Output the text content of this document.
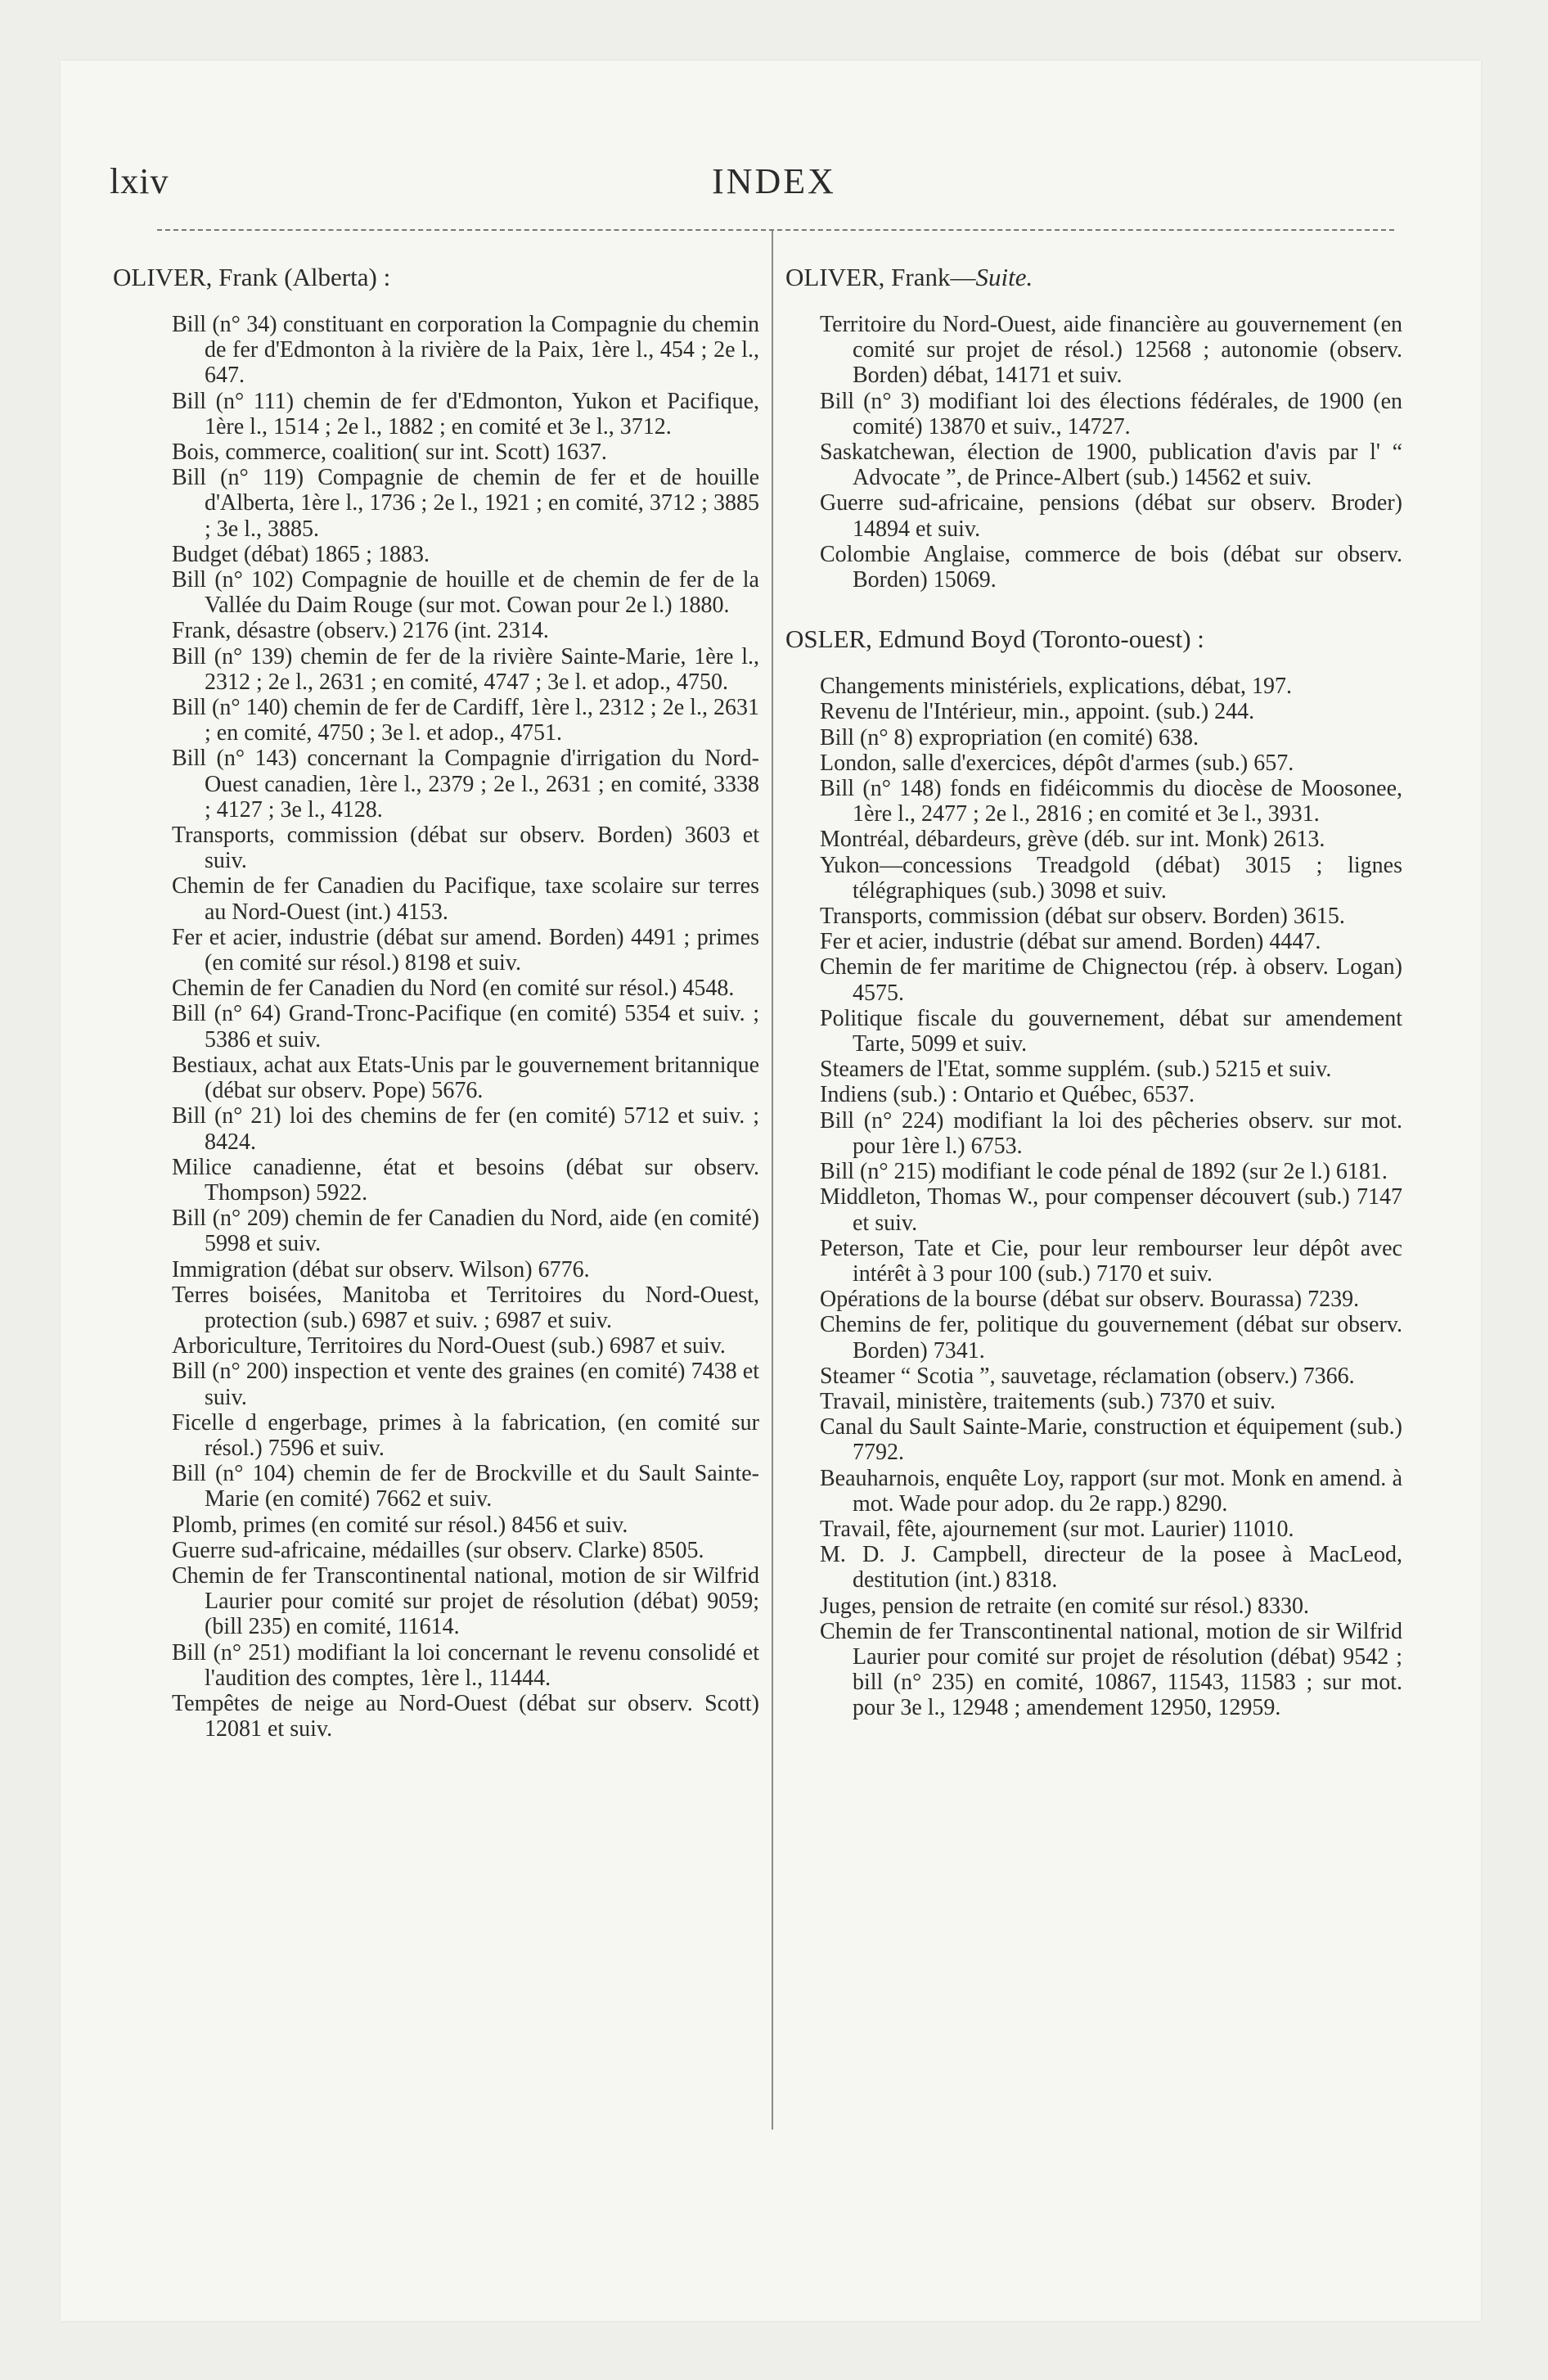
lxiv	INDEX

OLIVER, Frank (Alberta) :

Bill (n° 34) constituant en corporation la Compagnie du chemin de fer d'Edmonton à la rivière de la Paix, 1ère l., 454 ; 2e l., 647.

Bill (n° 111) chemin de fer d'Edmonton, Yukon et Pacifique, 1ère l., 1514 ; 2e l., 1882 ; en comité et 3e l., 3712.

Bois, commerce, coalition( sur int. Scott) 1637.

Bill (n° 119) Compagnie de chemin de fer et de houille d'Alberta, 1ère l., 1736 ; 2e l., 1921 ; en comité, 3712 ; 3885 ; 3e l., 3885.

Budget (débat) 1865 ; 1883.

Bill (n° 102) Compagnie de houille et de chemin de fer de la Vallée du Daim Rouge (sur mot. Cowan pour 2e l.) 1880.

Frank, désastre (observ.) 2176 (int. 2314.

Bill (n° 139) chemin de fer de la rivière Sainte-Marie, 1ère l., 2312 ; 2e l., 2631 ; en comité, 4747 ; 3e l. et adop., 4750.

Bill (n° 140) chemin de fer de Cardiff, 1ère l., 2312 ; 2e l., 2631 ; en comité, 4750 ; 3e l. et adop., 4751.

Bill (n° 143) concernant la Compagnie d'irrigation du Nord-Ouest canadien, 1ère l., 2379 ; 2e l., 2631 ; en comité, 3338 ; 4127 ; 3e l., 4128.

Transports, commission (débat sur observ. Borden) 3603 et suiv.

Chemin de fer Canadien du Pacifique, taxe scolaire sur terres au Nord-Ouest (int.) 4153.

Fer et acier, industrie (débat sur amend. Borden) 4491 ; primes (en comité sur résol.) 8198 et suiv.

Chemin de fer Canadien du Nord (en comité sur résol.) 4548.

Bill (n° 64) Grand-Tronc-Pacifique (en comité) 5354 et suiv. ; 5386 et suiv.

Bestiaux, achat aux Etats-Unis par le gouvernement britannique (débat sur observ. Pope) 5676.

Bill (n° 21) loi des chemins de fer (en comité) 5712 et suiv. ; 8424.

Milice canadienne, état et besoins (débat sur observ. Thompson) 5922.

Bill (n° 209) chemin de fer Canadien du Nord, aide (en comité) 5998 et suiv.

Immigration (débat sur observ. Wilson) 6776.

Terres boisées, Manitoba et Territoires du Nord-Ouest, protection (sub.) 6987 et suiv. ; 6987 et suiv.

Arboriculture, Territoires du Nord-Ouest (sub.) 6987 et suiv.

Bill (n° 200) inspection et vente des graines (en comité) 7438 et suiv.

Ficelle d engerbage, primes à la fabrication, (en comité sur résol.) 7596 et suiv.

Bill (n° 104) chemin de fer de Brockville et du Sault Sainte-Marie (en comité) 7662 et suiv.

Plomb, primes (en comité sur résol.) 8456 et suiv.

Guerre sud-africaine, médailles (sur observ. Clarke) 8505.

Chemin de fer Transcontinental national, motion de sir Wilfrid Laurier pour comité sur projet de résolution (débat) 9059; (bill 235) en comité, 11614.

Bill (n° 251) modifiant la loi concernant le revenu consolidé et l'audition des comptes, 1ère l., 11444.

Tempêtes de neige au Nord-Ouest (débat sur observ. Scott) 12081 et suiv.

OLIVER, Frank—Suite.

Territoire du Nord-Ouest, aide financière au gouvernement (en comité sur projet de résol.) 12568 ; autonomie (observ. Borden) débat, 14171 et suiv.

Bill (n° 3) modifiant loi des élections fédérales, de 1900 (en comité) 13870 et suiv., 14727.

Saskatchewan, élection de 1900, publication d'avis par l' “ Advocate ”, de Prince-Albert (sub.) 14562 et suiv.

Guerre sud-africaine, pensions (débat sur observ. Broder) 14894 et suiv.

Colombie Anglaise, commerce de bois (débat sur observ. Borden) 15069.

OSLER, Edmund Boyd (Toronto-ouest) :

Changements ministériels, explications, débat, 197.

Revenu de l'Intérieur, min., appoint. (sub.) 244.

Bill (n° 8) expropriation (en comité) 638.

London, salle d'exercices, dépôt d'armes (sub.) 657.

Bill (n° 148) fonds en fidéicommis du diocèse de Moosonee, 1ère l., 2477 ; 2e l., 2816 ; en comité et 3e l., 3931.

Montréal, débardeurs, grève (déb. sur int. Monk) 2613.

Yukon—concessions Treadgold (débat) 3015 ; lignes télégraphiques (sub.) 3098 et suiv.

Transports, commission (débat sur observ. Borden) 3615.

Fer et acier, industrie (débat sur amend. Borden) 4447.

Chemin de fer maritime de Chignectou (rép. à observ. Logan) 4575.

Politique fiscale du gouvernement, débat sur amendement Tarte, 5099 et suiv.

Steamers de l'Etat, somme supplém. (sub.) 5215 et suiv.

Indiens (sub.) : Ontario et Québec, 6537.

Bill (n° 224) modifiant la loi des pêcheries observ. sur mot. pour 1ère l.) 6753.

Bill (n° 215) modifiant le code pénal de 1892 (sur 2e l.) 6181.

Middleton, Thomas W., pour compenser découvert (sub.) 7147 et suiv.

Peterson, Tate et Cie, pour leur rembourser leur dépôt avec intérêt à 3 pour 100 (sub.) 7170 et suiv.

Opérations de la bourse (débat sur observ. Bourassa) 7239.

Chemins de fer, politique du gouvernement (débat sur observ. Borden) 7341.

Steamer “ Scotia ”, sauvetage, réclamation (observ.) 7366.

Travail, ministère, traitements (sub.) 7370 et suiv.

Canal du Sault Sainte-Marie, construction et équipement (sub.) 7792.

Beauharnois, enquête Loy, rapport (sur mot. Monk en amend. à mot. Wade pour adop. du 2e rapp.) 8290.

Travail, fête, ajournement (sur mot. Laurier) 11010.

M. D. J. Campbell, directeur de la posee à MacLeod, destitution (int.) 8318.

Juges, pension de retraite (en comité sur résol.) 8330.

Chemin de fer Transcontinental national, motion de sir Wilfrid Laurier pour comité sur projet de résolution (débat) 9542 ; bill (n° 235) en comité, 10867, 11543, 11583 ; sur mot. pour 3e l., 12948 ; amendement 12950, 12959.
